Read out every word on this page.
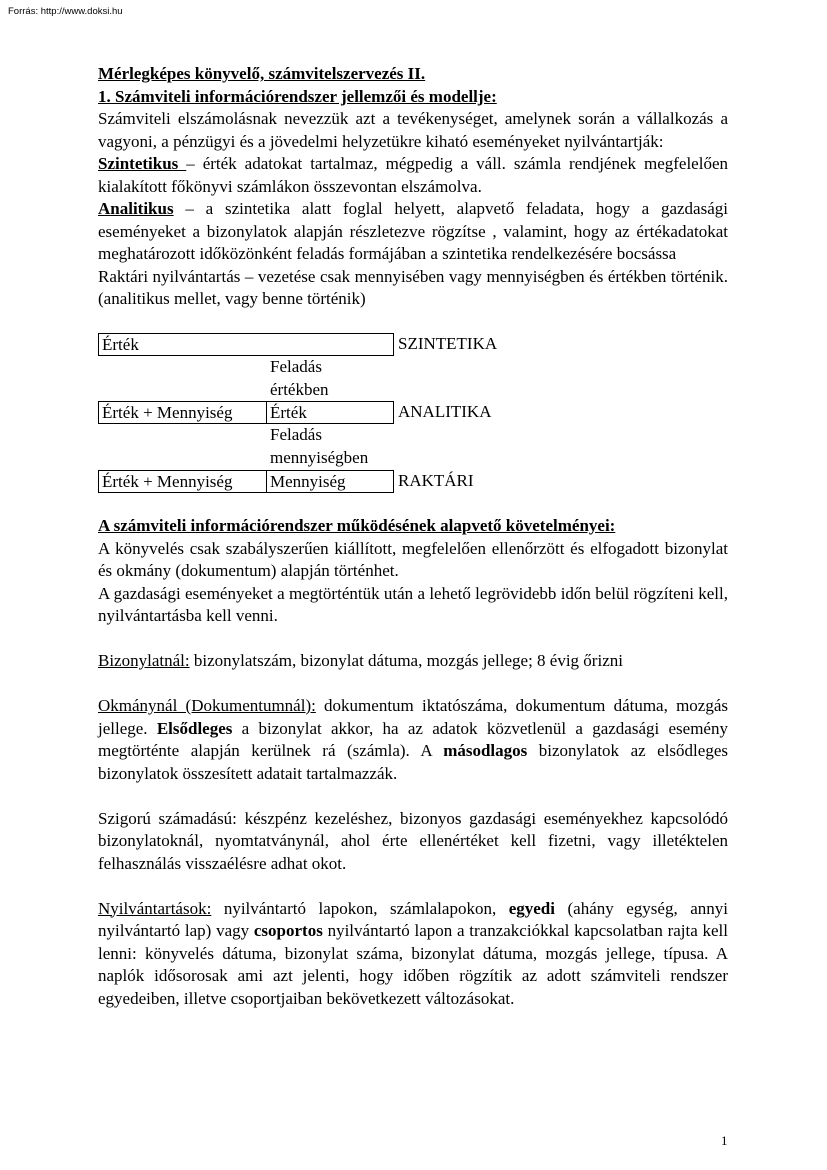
Forrás: http://www.doksi.hu

Mérlegképes könyvelő, számvitelszervezés II.

1. Számviteli információrendszer jellemzői és modellje:

Számviteli elszámolásnak nevezzük azt a tevékenységet, amelynek során a vállalkozás a vagyoni, a pénzügyi és a jövedelmi helyzetükre kiható eseményeket nyilvántartják:

Szintetikus – érték adatokat tartalmaz, mégpedig a váll. számla rendjének megfelelően kialakított főkönyvi számlákon összevontan elszámolva.

Analitikus – a szintetika alatt foglal helyett, alapvető feladata, hogy a gazdasági eseményeket a bizonylatok alapján részletezve rögzítse , valamint, hogy az értékadatokat meghatározott időközönként feladás formájában a szintetika rendelkezésére bocsássa

Raktári nyilvántartás – vezetése csak mennyisében vagy mennyiségben és értékben történik.(analitikus mellet, vagy benne történik)

Érték	SZINTETIKA
Feladás
értékben
Érték + Mennyiség	Érték	ANALITIKA
Feladás
mennyiségben
Érték + Mennyiség	Mennyiség	RAKTÁRI

A számviteli információrendszer működésének alapvető követelményei:

A könyvelés csak szabályszerűen kiállított, megfelelően ellenőrzött és elfogadott bizonylat és okmány (dokumentum) alapján történhet.

A gazdasági eseményeket a megtörténtük után a lehető legrövidebb időn belül rögzíteni kell, nyilvántartásba kell venni.

Bizonylatnál: bizonylatszám, bizonylat dátuma, mozgás jellege; 8 évig őrizni

Okmánynál (Dokumentumnál): dokumentum iktatószáma, dokumentum dátuma, mozgás jellege. Elsődleges a bizonylat akkor, ha az adatok közvetlenül a gazdasági esemény megtörténte alapján kerülnek rá (számla). A másodlagos bizonylatok az elsődleges bizonylatok összesített adatait tartalmazzák.

Szigorú számadású: készpénz kezeléshez, bizonyos gazdasági eseményekhez kapcsolódó bizonylatoknál, nyomtatványnál, ahol érte ellenértéket kell fizetni, vagy illetéktelen felhasználás visszaélésre adhat okot.

Nyilvántartások: nyilvántartó lapokon, számlalapokon, egyedi (ahány egység, annyi nyilvántartó lap) vagy csoportos nyilvántartó lapon a tranzakciókkal kapcsolatban rajta kell lenni: könyvelés dátuma, bizonylat száma, bizonylat dátuma, mozgás jellege, típusa. A naplók idősorosak ami azt jelenti, hogy időben rögzítik az adott számviteli rendszer egyedeiben, illetve csoportjaiban bekövetkezett változásokat.

1
